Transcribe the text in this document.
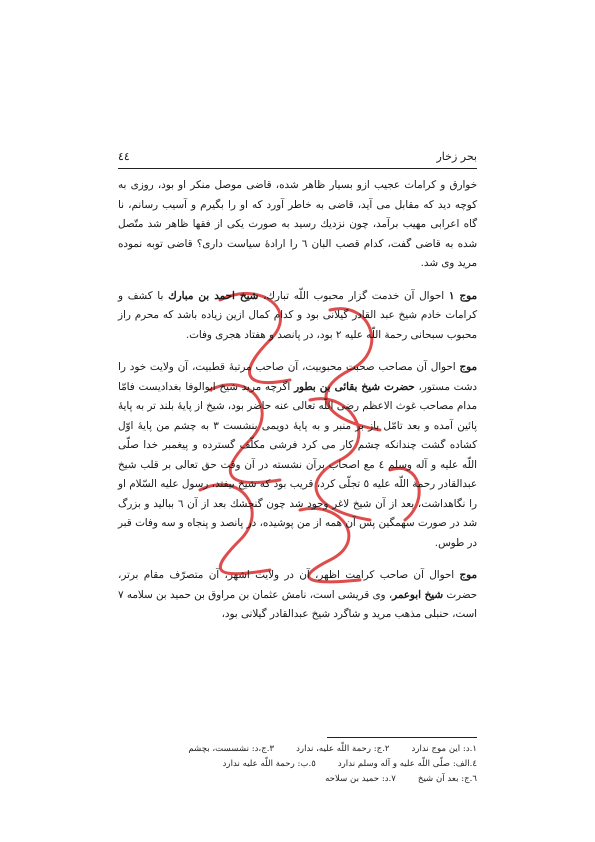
بحر زخار
٤٤

خوارق و كرامات عجيب ازو بسيار ظاهر شده، قاضى موصل منكر او بود، روزى به كوچه ديد كه مقابل مى آيد، قاضى به خاطر آورد كه او را بگيرم و آسيب رسانم، نا گاه اعرابى مهيب برآمد، چون نزديك رسيد به صورت يكى از فقها ظاهر شد متّصل شده به قاضى گفت، كدام قصب البان ٦ را ارادۀ سياست دارى؟ قاضى توبه نموده مريد وى شد.

موج ١ احوال آن خدمت گزار محبوب اللّه تبارك، شيخ احمد بن مبارك با كشف و كرامات خادم شيخ عبد القادر گيلانى بود و كدام كمال ازين زياده باشد كه محرم راز محبوب سبحانى رحمة اللّه عليه ٢ بود، در پانصد و هفتاد هجرى وفات.

موج احوال آن مصاحب صحبت محبوبيت، آن صاحب مرتبۀ قطبيت، آن ولايت خود را دشت مستور، حضرت شيخ بقائى بن بطور اگرچه مريد شيخ ابوالوفا بغداديست فامّا مدام مصاحب غوث الاعظم رضى اللّه تعالى عنه حاضر بود، شيخ از پايۀ بلند تر به پايۀ پائين آمده و بعد تامّل باز بر منبر و به پايۀ دويمى بنشست ٣ به چشم من پايۀ اوّل كشاده گشت چندانكه چشم كار مى كرد فرشى مكلّف گسترده و پيغمبر خدا صلّى اللّه عليه و آله وسلم ٤ مع اصحاب برآن نشسته در آن وقت حق تعالى بر قلب شيخ عبدالقادر رحمة اللّه عليه ٥ تجلّى كرد، قريب بود كه شيخ بيفتد، رسول عليه السّلام او را نگاهداشت، بعد از آن شيخ لاغر وجود شد چون گنجشك بعد از آن ٦ ببالید و بزرگ شد در صورت سهمگين پس آن همه از من پوشيده، در پانصد و پنجاه و سه وفات قبر در طوس.

موج احوال آن صاحب كرامت اظهر، آن در ولايت اشهر، آن متصرّف مقام برتر، حضرت شيخ ابوعمر، وى قريشى است، نامش عثمان بن مراوق بن حميد بن سلامه ٧ است، حنبلى مذهب مريد و شاگرد شيخ عبدالقادر گيلانى بود،

١.د: اين موج ندارد
٢.ج: رحمة اللّه عليه، ندارد
٣.ج،د: نشسست، بچشم
٤.الف: صلّى اللّه عليه و آله وسلم ندارد
٥.ب: رحمة اللّه عليه ندارد
٦.ج: بعد آن شيخ
٧.د: حميد بن سلاحه
